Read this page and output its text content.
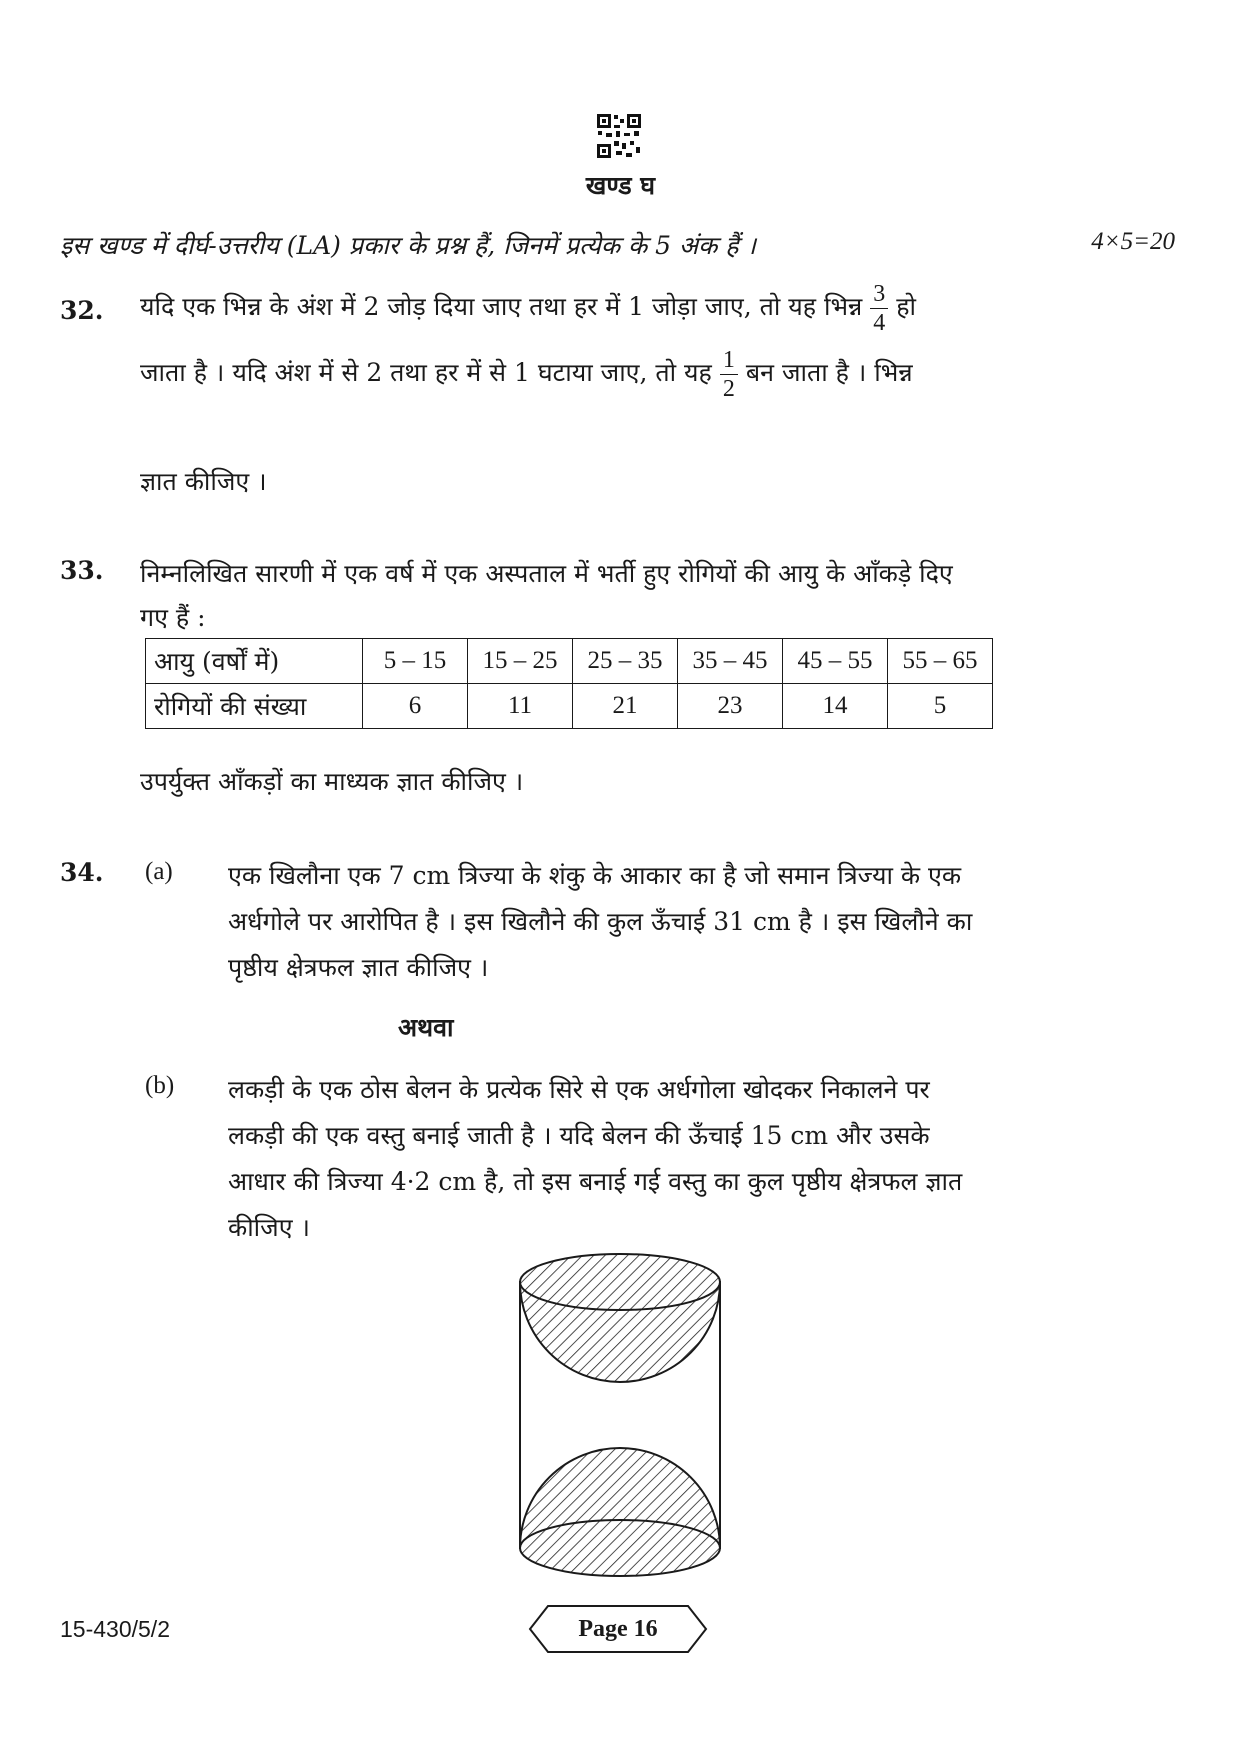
खण्ड घ
इस खण्ड में दीर्घ-उत्तरीय (LA) प्रकार के प्रश्न हैं, जिनमें प्रत्येक के 5 अंक हैं ।	4×5=20
32. यदि एक भिन्न के अंश में 2 जोड़ दिया जाए तथा हर में 1 जोड़ा जाए, तो यह भिन्न $\frac{3}{4}$ हो
जाता है । यदि अंश में से 2 तथा हर में से 1 घटाया जाए, तो यह $\frac{1}{2}$ बन जाता है । भिन्न
ज्ञात कीजिए ।
33. निम्नलिखित सारणी में एक वर्ष में एक अस्पताल में भर्ती हुए रोगियों की आयु के आँकड़े दिए
गए हैं :
आयु (वर्षों में)	5 – 15	15 – 25	25 – 35	35 – 45	45 – 55	55 – 65
रोगियों की संख्या	6	11	21	23	14	5
उपर्युक्त आँकड़ों का माध्यक ज्ञात कीजिए ।
34. (a) एक खिलौना एक 7 cm त्रिज्या के शंकु के आकार का है जो समान त्रिज्या के एक
अर्धगोले पर आरोपित है । इस खिलौने की कुल ऊँचाई 31 cm है । इस खिलौने का
पृष्ठीय क्षेत्रफल ज्ञात कीजिए ।
अथवा
(b) लकड़ी के एक ठोस बेलन के प्रत्येक सिरे से एक अर्धगोला खोदकर निकालने पर
लकड़ी की एक वस्तु बनाई जाती है । यदि बेलन की ऊँचाई 15 cm और उसके
आधार की त्रिज्या 4·2 cm है, तो इस बनाई गई वस्तु का कुल पृष्ठीय क्षेत्रफल ज्ञात
कीजिए ।
15-430/5/2	Page 16
